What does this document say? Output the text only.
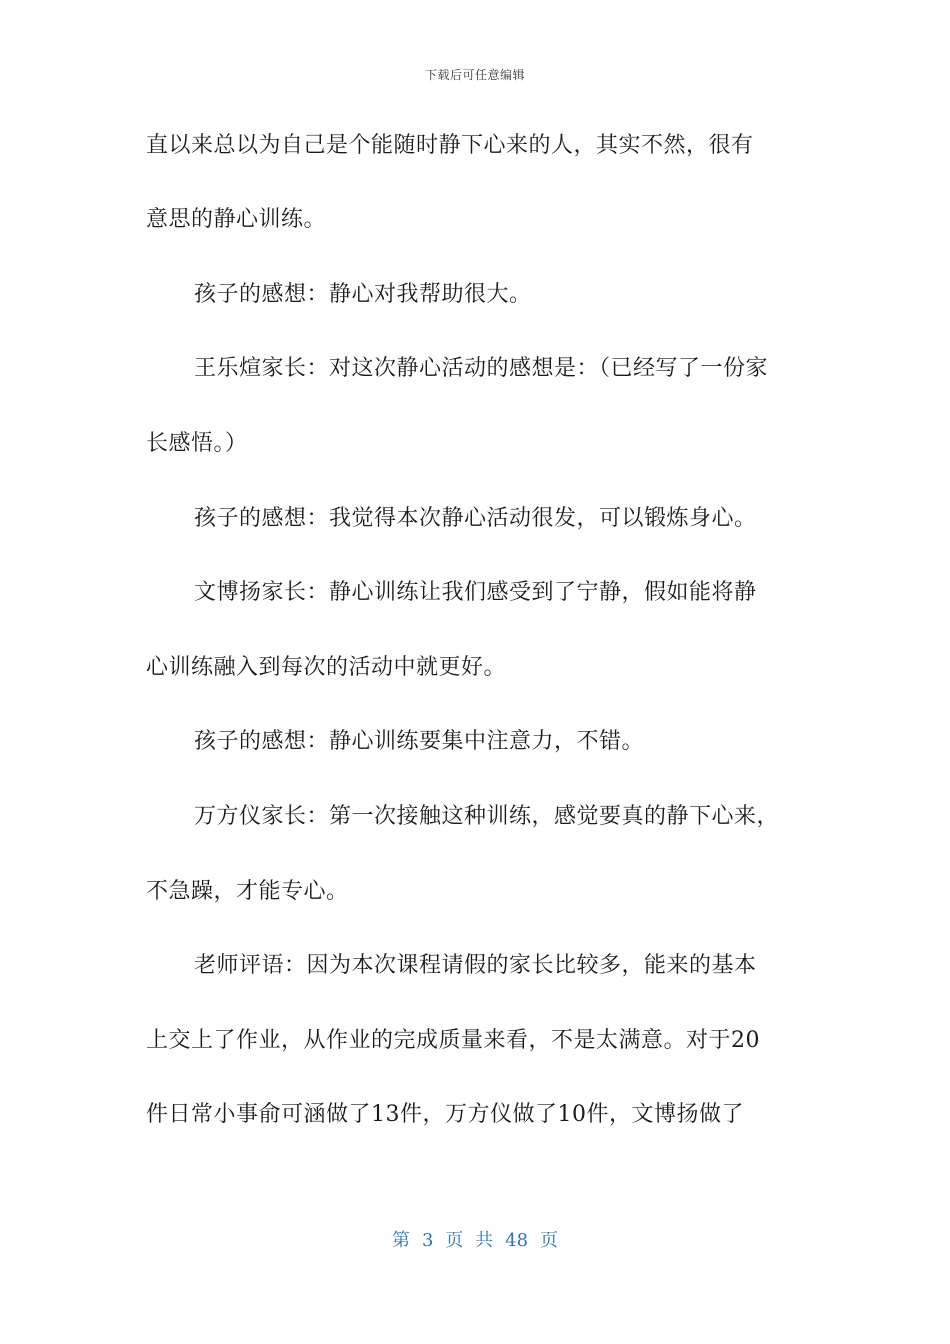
下载后可任意编辑
直以来总以为自己是个能随时静下心来的人，其实不然，很有
意思的静心训练。
孩子的感想：静心对我帮助很大。
王乐煊家长：对这次静心活动的感想是：（已经写了一份家
长感悟。）
孩子的感想：我觉得本次静心活动很发，可以锻炼身心。
文博扬家长：静心训练让我们感受到了宁静，假如能将静
心训练融入到每次的活动中就更好。
孩子的感想：静心训练要集中注意力，不错。
万方仪家长：第一次接触这种训练，感觉要真的静下心来，
不急躁，才能专心。
老师评语：因为本次课程请假的家长比较多，能来的基本
上交上了作业，从作业的完成质量来看，不是太满意。对于20
件日常小事俞可涵做了13件，万方仪做了10件，文博扬做了
第 3 页 共 48 页
